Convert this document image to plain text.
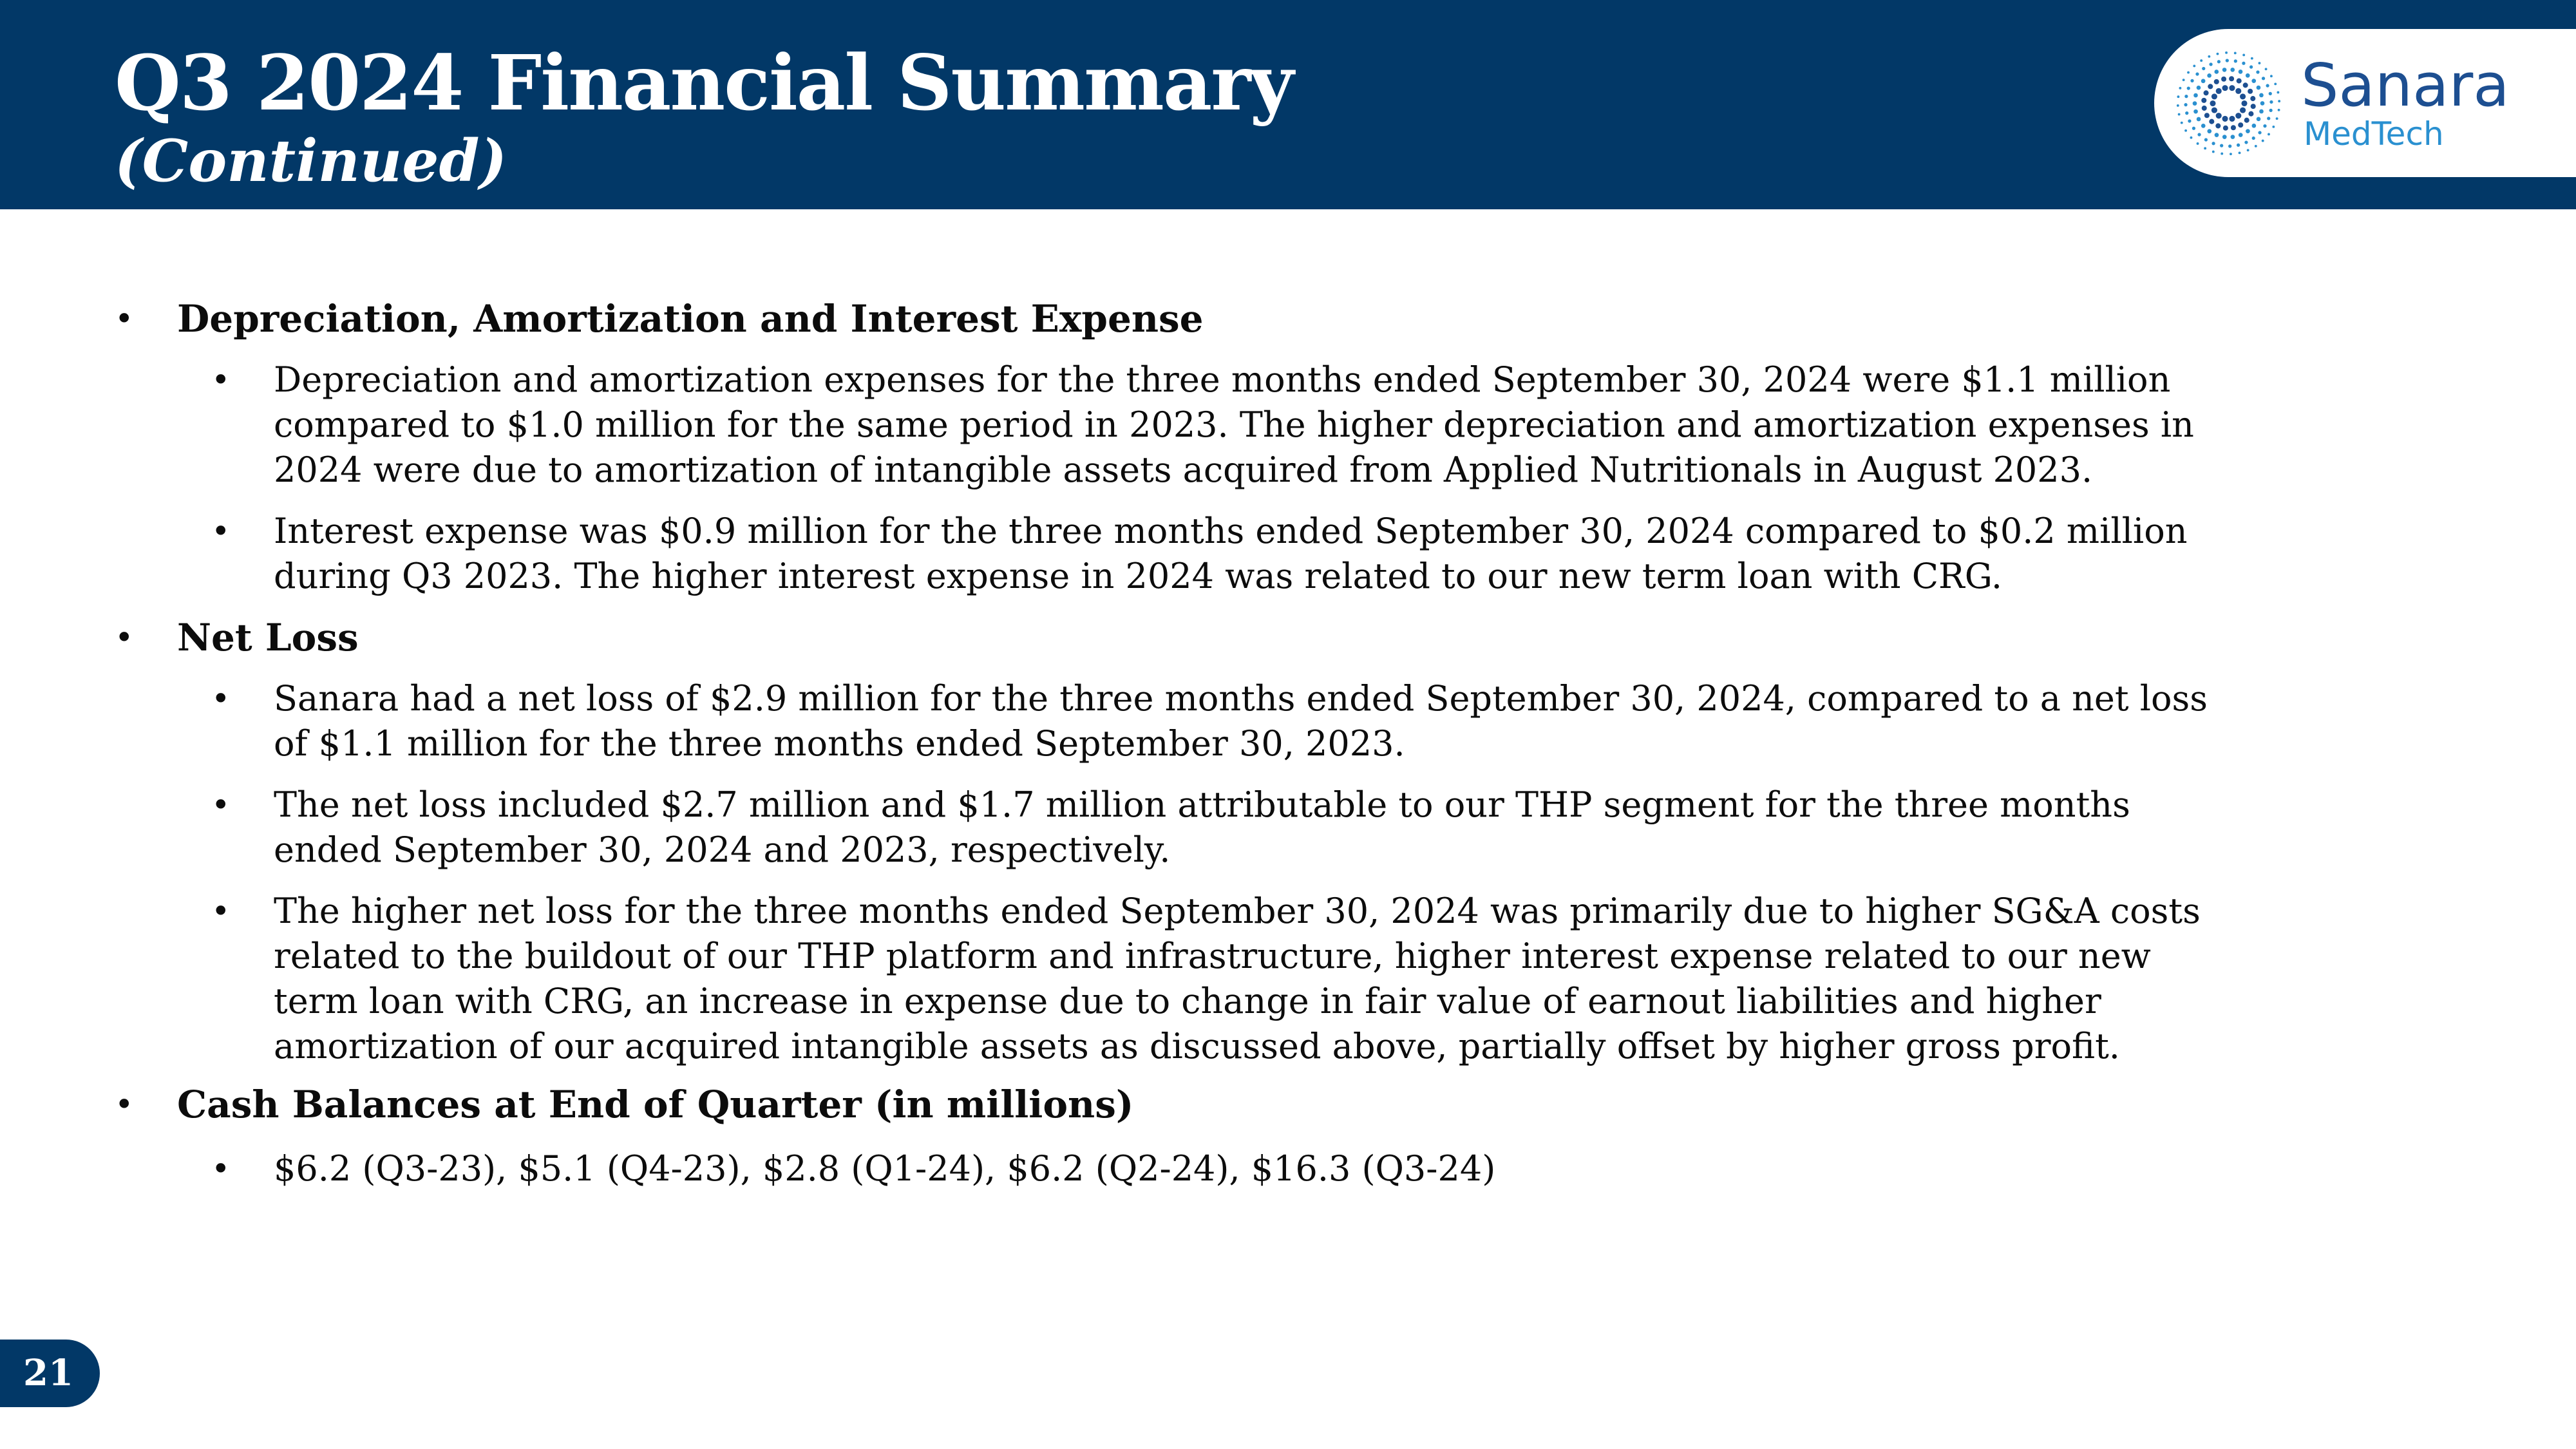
Q3 2024 Financial Summary
(Continued)
Sanara
MedTech
• Depreciation, Amortization and Interest Expense
• Depreciation and amortization expenses for the three months ended September 30, 2024 were $1.1 million compared to $1.0 million for the same period in 2023. The higher depreciation and amortization expenses in 2024 were due to amortization of intangible assets acquired from Applied Nutritionals in August 2023.
• Interest expense was $0.9 million for the three months ended September 30, 2024 compared to $0.2 million during Q3 2023. The higher interest expense in 2024 was related to our new term loan with CRG.
• Net Loss
• Sanara had a net loss of $2.9 million for the three months ended September 30, 2024, compared to a net loss of $1.1 million for the three months ended September 30, 2023.
• The net loss included $2.7 million and $1.7 million attributable to our THP segment for the three months ended September 30, 2024 and 2023, respectively.
• The higher net loss for the three months ended September 30, 2024 was primarily due to higher SG&A costs related to the buildout of our THP platform and infrastructure, higher interest expense related to our new term loan with CRG, an increase in expense due to change in fair value of earnout liabilities and higher amortization of our acquired intangible assets as discussed above, partially offset by higher gross profit.
• Cash Balances at End of Quarter (in millions)
• $6.2 (Q3-23), $5.1 (Q4-23), $2.8 (Q1-24), $6.2 (Q2-24), $16.3 (Q3-24)
21
